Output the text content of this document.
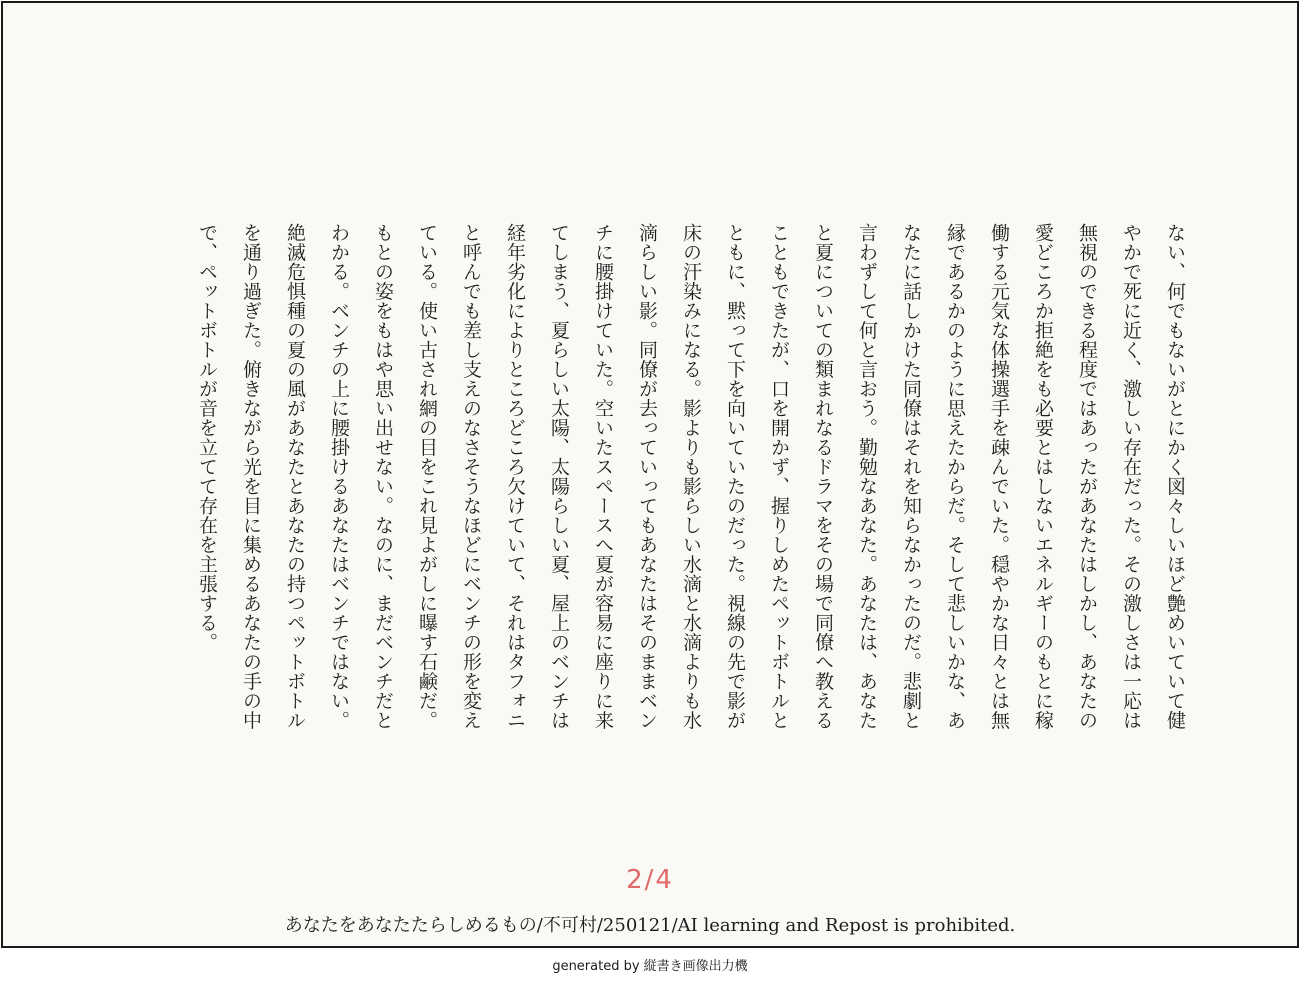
ない、何でもないがとにかく図々しいほど艶めいていて健やかで死に近く、激しい存在だった。その激しさは一応は無視のできる程度ではあったがあなたはしかし、あなたの愛どころか拒絶をも必要とはしないエネルギーのもとに稼働する元気な体操選手を疎んでいた。穏やかな日々とは無縁であるかのように思えたからだ。そして悲しいかな、あなたに話しかけた同僚はそれを知らなかったのだ。悲劇と言わずして何と言おう。勤勉なあなた。あなたは、あなたと夏についての類まれなるドラマをその場で同僚へ教えることもできたが、口を開かず、握りしめたペットボトルとともに、黙って下を向いていたのだった。視線の先で影が床の汗染みになる。影よりも影らしい水滴と水滴よりも水滴らしい影。同僚が去っていってもあなたはそのままベンチに腰掛けていた。空いたスペースへ夏が容易に座りに来てしまう、夏らしい太陽、太陽らしい夏、屋上のベンチは経年劣化によりところどころ欠けていて、それはタフォニと呼んでも差し支えのなさそうなほどにベンチの形を変えている。使い古され網の目をこれ見よがしに曝す石鹸だ。もとの姿をもはや思い出せない。なのに、まだベンチだとわかる。ベンチの上に腰掛けるあなたはベンチではない。絶滅危惧種の夏の風があなたとあなたの持つペットボトルを通り過ぎた。俯きながら光を目に集めるあなたの手の中で、ペットボトルが音を立てて存在を主張する。

2/4
あなたをあなたたらしめるもの/不可村/250121/AI learning and Repost is prohibited.
generated by 縦書き画像出力機
